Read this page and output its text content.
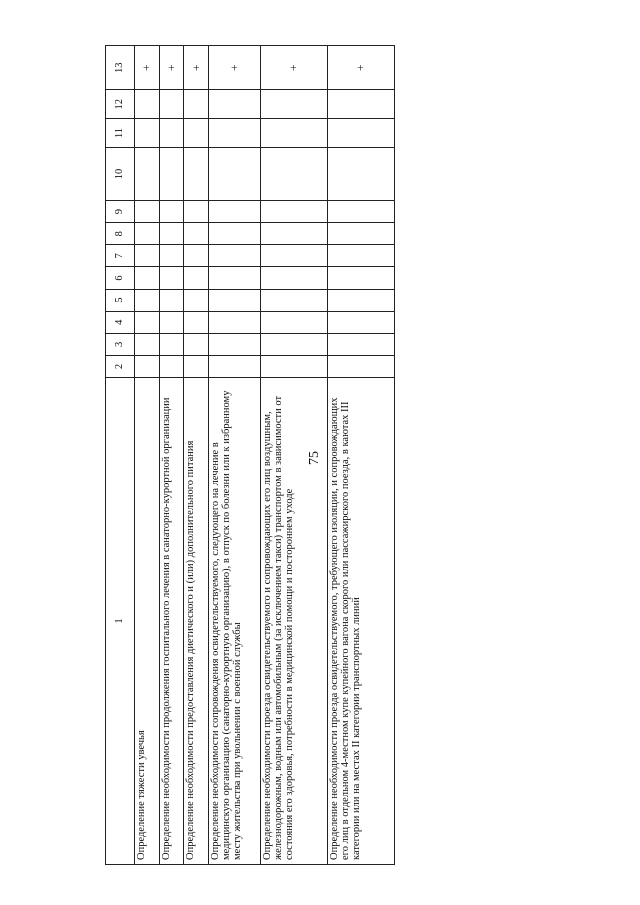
75
1	2	3	4	5	6	7	8	9	10	11	12	13
Определение тяжести увечья												+
Определение необходимости продолжения госпитального лечения в санаторно-курортной организации												+
Определение необходимости предоставления диетического и (или) дополнительного питания												+
Определение необходимости сопровождения освидетельствуемого, следующего на лечение в медицинскую организацию (санаторно-курортную организацию), в отпуск по болезни или к избранному месту жительства при увольнении с военной службы												+
Определение необходимости проезда освидетельствуемого и сопровождающих его лиц воздушным, железнодорожным, водным или автомобильным (за исключением такси) транспортом в зависимости от состояния его здоровья, потребности в медицинской помощи и постороннем уходе												+
Определение необходимости проезда освидетельствуемого, требующего изоляции, и сопровождающих его лиц в отдельном 4-местном купе купейного вагона скорого или пассажирского поезда, в каютах III категории или на местах II категории транспортных линий												+
